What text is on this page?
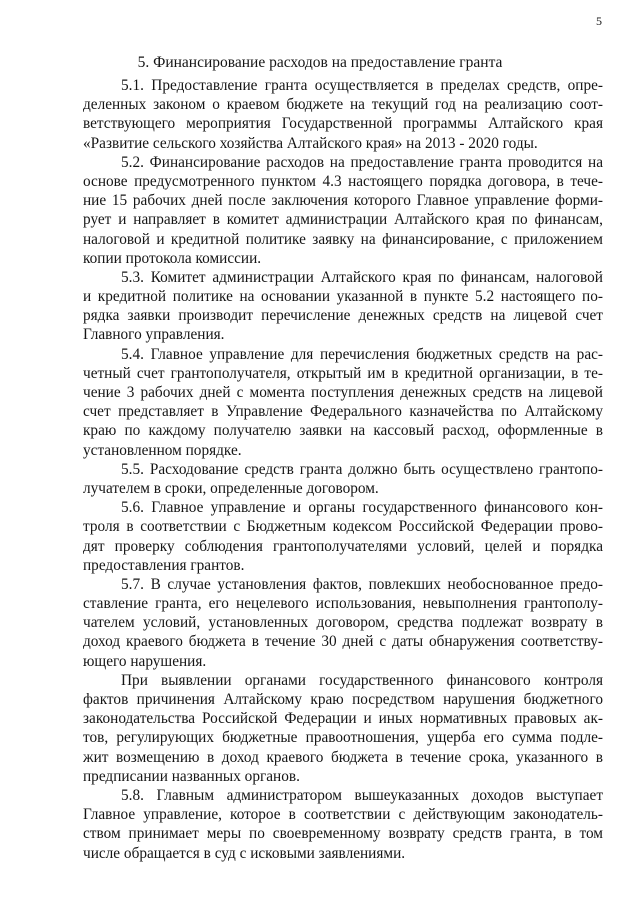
5
5. Финансирование расходов на предоставление гранта
5.1. Предоставление гранта осуществляется в пределах средств, опре-
деленных законом о краевом бюджете на текущий год на реализацию соот-
ветствующего мероприятия Государственной программы Алтайского края
«Развитие сельского хозяйства Алтайского края» на 2013 - 2020 годы.
5.2. Финансирование расходов на предоставление гранта проводится на
основе предусмотренного пунктом 4.3 настоящего порядка договора, в тече-
ние 15 рабочих дней после заключения которого Главное управление форми-
рует и направляет в комитет администрации Алтайского края по финансам,
налоговой и кредитной политике заявку на финансирование, с приложением
копии протокола комиссии.
5.3. Комитет администрации Алтайского края по финансам, налоговой
и кредитной политике на основании указанной в пункте 5.2 настоящего по-
рядка заявки производит перечисление денежных средств на лицевой счет
Главного управления.
5.4. Главное управление для перечисления бюджетных средств на рас-
четный счет грантополучателя, открытый им в кредитной организации, в те-
чение 3 рабочих дней с момента поступления денежных средств на лицевой
счет представляет в Управление Федерального казначейства по Алтайскому
краю по каждому получателю заявки на кассовый расход, оформленные в
установленном порядке.
5.5. Расходование средств гранта должно быть осуществлено грантопо-
лучателем в сроки, определенные договором.
5.6. Главное управление и органы государственного финансового кон-
троля в соответствии с Бюджетным кодексом Российской Федерации прово-
дят проверку соблюдения грантополучателями условий, целей и порядка
предоставления грантов.
5.7. В случае установления фактов, повлекших необоснованное предо-
ставление гранта, его нецелевого использования, невыполнения грантополу-
чателем условий, установленных договором, средства подлежат возврату в
доход краевого бюджета в течение 30 дней с даты обнаружения соответству-
ющего нарушения.
При выявлении органами государственного финансового контроля
фактов причинения Алтайскому краю посредством нарушения бюджетного
законодательства Российской Федерации и иных нормативных правовых ак-
тов, регулирующих бюджетные правоотношения, ущерба его сумма подле-
жит возмещению в доход краевого бюджета в течение срока, указанного в
предписании названных органов.
5.8. Главным администратором вышеуказанных доходов выступает
Главное управление, которое в соответствии с действующим законодатель-
ством принимает меры по своевременному возврату средств гранта, в том
числе обращается в суд с исковыми заявлениями.
